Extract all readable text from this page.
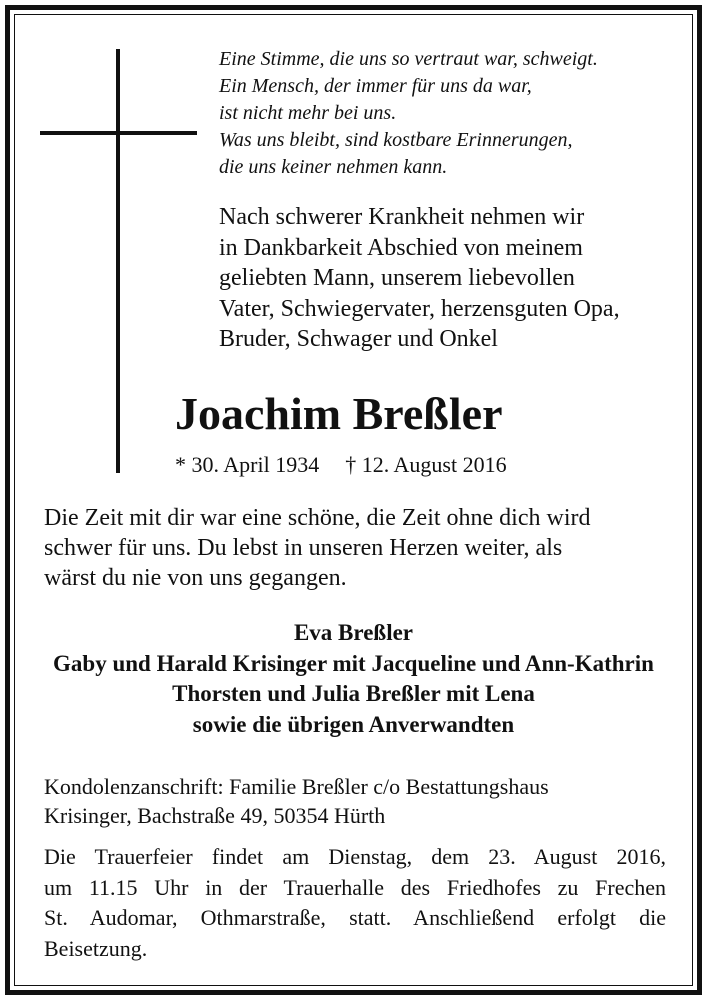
Eine Stimme, die uns so vertraut war, schweigt.
Ein Mensch, der immer für uns da war,
ist nicht mehr bei uns.
Was uns bleibt, sind kostbare Erinnerungen,
die uns keiner nehmen kann.
Nach schwerer Krankheit nehmen wir
in Dankbarkeit Abschied von meinem
geliebten Mann, unserem liebevollen
Vater, Schwiegervater, herzensguten Opa,
Bruder, Schwager und Onkel
Joachim Breßler
* 30. April 1934 † 12. August 2016
Die Zeit mit dir war eine schöne, die Zeit ohne dich wird
schwer für uns. Du lebst in unseren Herzen weiter, als
wärst du nie von uns gegangen.
Eva Breßler
Gaby und Harald Krisinger mit Jacqueline und Ann-Kathrin
Thorsten und Julia Breßler mit Lena
sowie die übrigen Anverwandten
Kondolenzanschrift: Familie Breßler c/o Bestattungshaus
Krisinger, Bachstraße 49, 50354 Hürth
Die Trauerfeier findet am Dienstag, dem 23. August 2016,
um 11.15 Uhr in der Trauerhalle des Friedhofes zu Frechen
St. Audomar, Othmarstraße, statt. Anschließend erfolgt die
Beisetzung.
